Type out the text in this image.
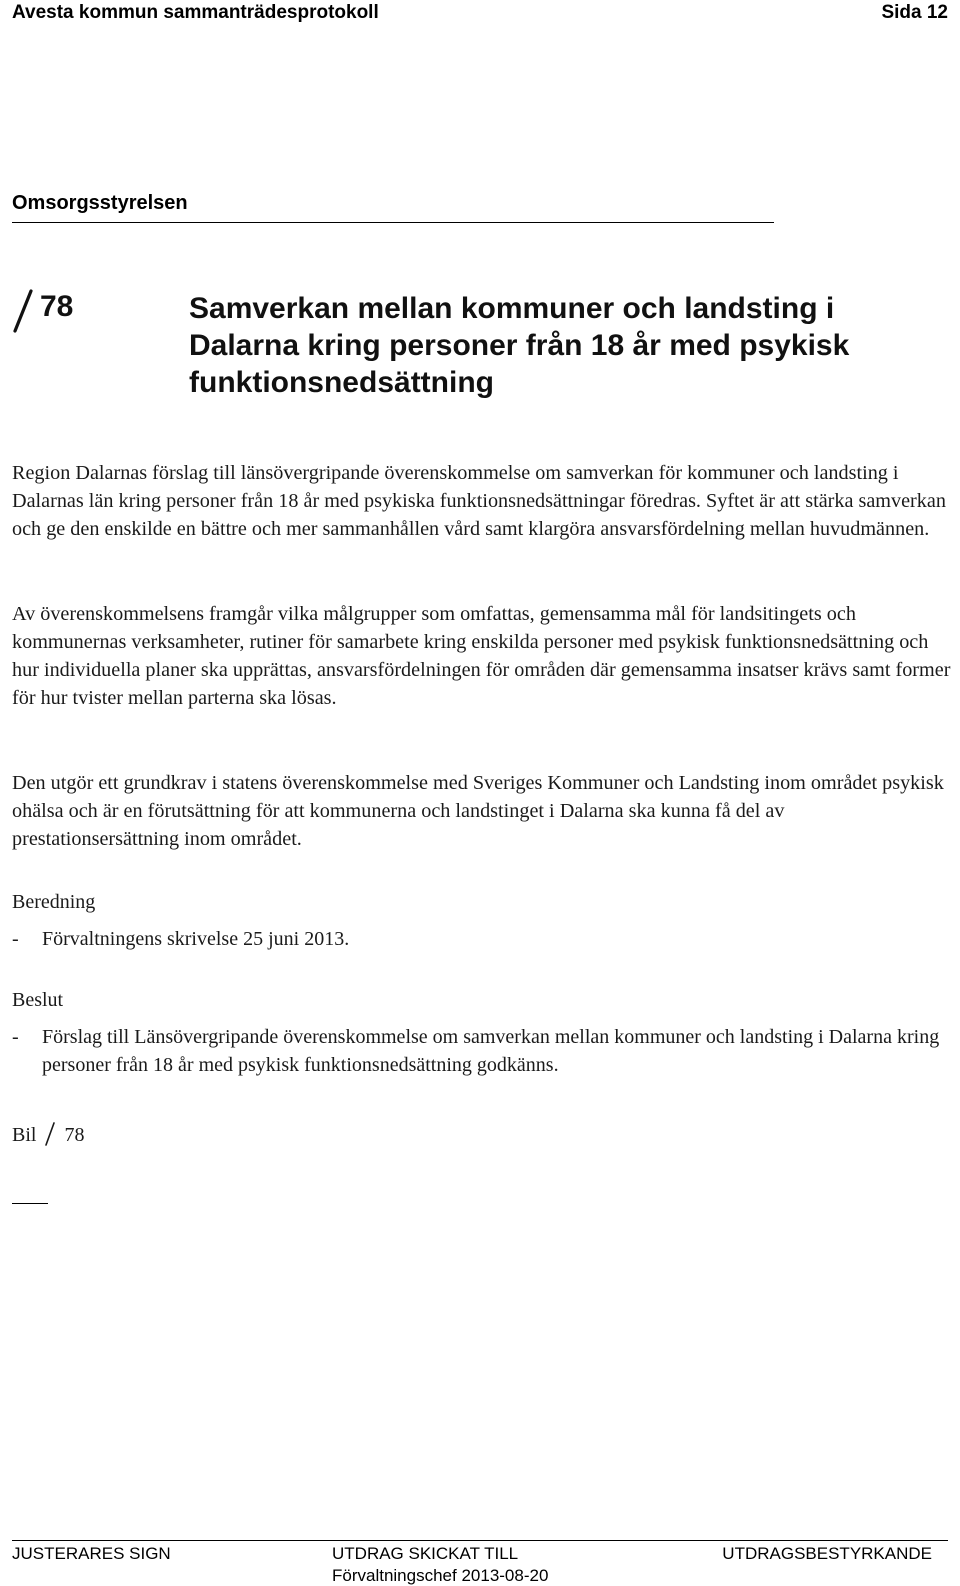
Avesta kommun sammanträdesprotokoll	Sida 12
Omsorgsstyrelsen
78	Samverkan mellan kommuner och landsting i Dalarna kring personer från 18 år med psykisk funktionsnedsättning
Region Dalarnas förslag till länsövergripande överenskommelse om samverkan för kommuner och landsting i Dalarnas län kring personer från 18 år med psykiska funktionsnedsättningar föredras. Syftet är att stärka samverkan och ge den enskilde en bättre och mer sammanhållen vård samt klargöra ansvarsfördelning mellan huvudmännen.
Av överenskommelsens framgår vilka målgrupper som omfattas, gemensamma mål för landsitingets och kommunernas verksamheter, rutiner för samarbete kring enskilda personer med psykisk funktionsnedsättning och hur individuella planer ska upprättas, ansvarsfördelningen för områden där gemensamma insatser krävs samt former för hur tvister mellan parterna ska lösas.
Den utgör ett grundkrav i statens överenskommelse med Sveriges Kommuner och Landsting inom området psykisk ohälsa och är en förutsättning för att kommunerna och landstinget i Dalarna ska kunna få del av prestationsersättning inom området.
Beredning
- Förvaltningens skrivelse 25 juni 2013.
Beslut
- Förslag till Länsövergripande överenskommelse om samverkan mellan kommuner och landsting i Dalarna kring personer från 18 år med psykisk funktionsnedsättning godkänns.
Bil 78
JUSTERARES SIGN	UTDRAG SKICKAT TILL	UTDRAGSBESTYRKANDE
Förvaltningschef 2013-08-20
